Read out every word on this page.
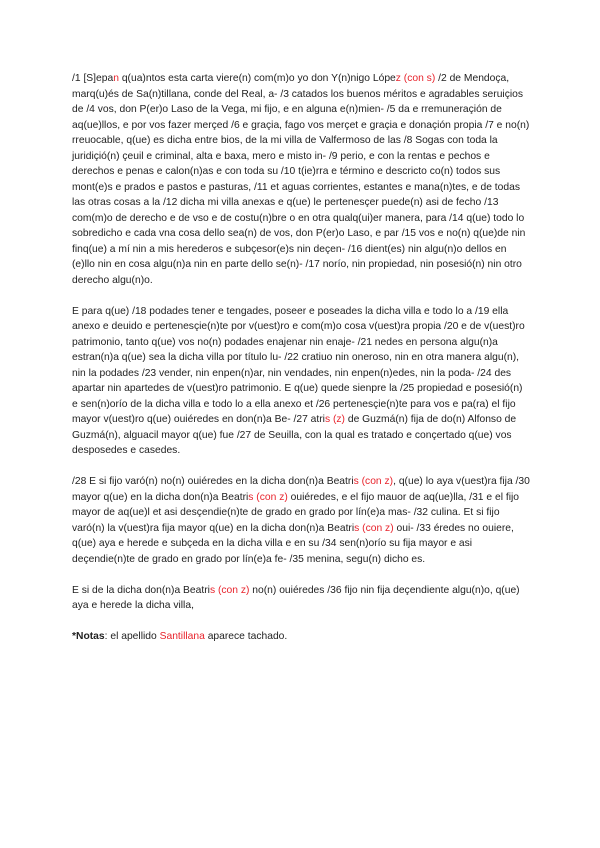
/1 [S]epan q(ua)ntos esta carta viere(n) com(m)o yo don Y(n)nigo López (con s) /2 de Mendoça, marq(u)és de Sa(n)tillana, conde del Real, a- /3 catados los buenos méritos e agradables seruiçios de /4 vos, don P(er)o Laso de la Vega, mi fijo, e en alguna e(n)mien- /5 da e rremuneraçión de aq(ue)llos, e por vos fazer merçed /6 e graçia, fago vos merçet e graçia e donaçión propia /7 e no(n) rreuocable, q(ue) es dicha entre bios, de la mi villa de Valfermoso de las /8 Sogas con toda la juridiçió(n) çeuil e criminal, alta e baxa, mero e misto in- /9 perio, e con la rentas e pechos e derechos e penas e calon(n)as e con toda su /10 t(ie)rra e término e descricto co(n) todos sus mont(e)s e prados e pastos e pasturas, /11 et aguas corrientes, estantes e mana(n)tes, e de todas las otras cosas a la /12 dicha mi villa anexas e q(ue) le pertenesçer puede(n) asi de fecho /13 com(m)o de derecho e de vso e de costu(n)bre o en otra qualq(ui)er manera, para /14 q(ue) todo lo sobredicho e cada vna cosa dello sea(n) de vos, don P(er)o Laso, e par /15 vos e no(n) q(ue)de nin finq(ue) a mí nin a mis herederos e subçesor(e)s nin deçen- /16 dient(es) nin algu(n)o dellos en (e)llo nin en cosa algu(n)a nin en parte dello se(n)- /17 norío, nin propiedad, nin posesió(n) nin otro derecho algu(n)o.

E para q(ue) /18 podades tener e tengades, poseer e poseades la dicha villa e todo lo a /19 ella anexo e deuido e pertenesçie(n)te por v(uest)ro e com(m)o cosa v(uest)ra propia /20 e de v(uest)ro patrimonio, tanto q(ue) vos no(n) podades enajenar nin enaje- /21 nedes en persona algu(n)a estran(n)a q(ue) sea la dicha villa por título lu- /22 cratiuo nin oneroso, nin en otra manera algu(n), nin la podades /23 vender, nin enpen(n)ar, nin vendades, nin enpen(n)edes, nin la poda- /24 des apartar nin apartedes de v(uest)ro patrimonio. E q(ue) quede sienpre la /25 propiedad e posesió(n) e sen(n)orío de la dicha villa e todo lo a ella anexo et /26 pertenesçie(n)te para vos e pa(ra) el fijo mayor v(uest)ro q(ue) ouiéredes en don(n)a Be- /27 atris (z) de Guzmá(n) fija de do(n) Alfonso de Guzmá(n), alguacil mayor q(ue) fue /27 de Seuilla, con la qual es tratado e conçertado q(ue) vos desposedes e casedes.

/28 E si fijo varó(n) no(n) ouiéredes en la dicha don(n)a Beatris (con z), q(ue) lo aya v(uest)ra fija /30 mayor q(ue) en la dicha don(n)a Beatris (con z) ouiéredes, e el fijo mauor de aq(ue)lla, /31 e el fijo mayor de aq(ue)l et asi desçendie(n)te de grado en grado por lín(e)a mas- /32 culina. Et si fijo varó(n) la v(uest)ra fija mayor q(ue) en la dicha don(n)a Beatris (con z) oui- /33 éredes no ouiere, q(ue) aya e herede e subçeda en la dicha villa e en su /34 sen(n)orío su fija mayor e asi deçendie(n)te de grado en grado por lín(e)a fe- /35 menina, segu(n) dicho es.

E si de la dicha don(n)a Beatris (con z) no(n) ouiéredes /36 fijo nin fija deçendiente algu(n)o, q(ue) aya e herede la dicha villa,

*Notas: el apellido Santillana aparece tachado.
